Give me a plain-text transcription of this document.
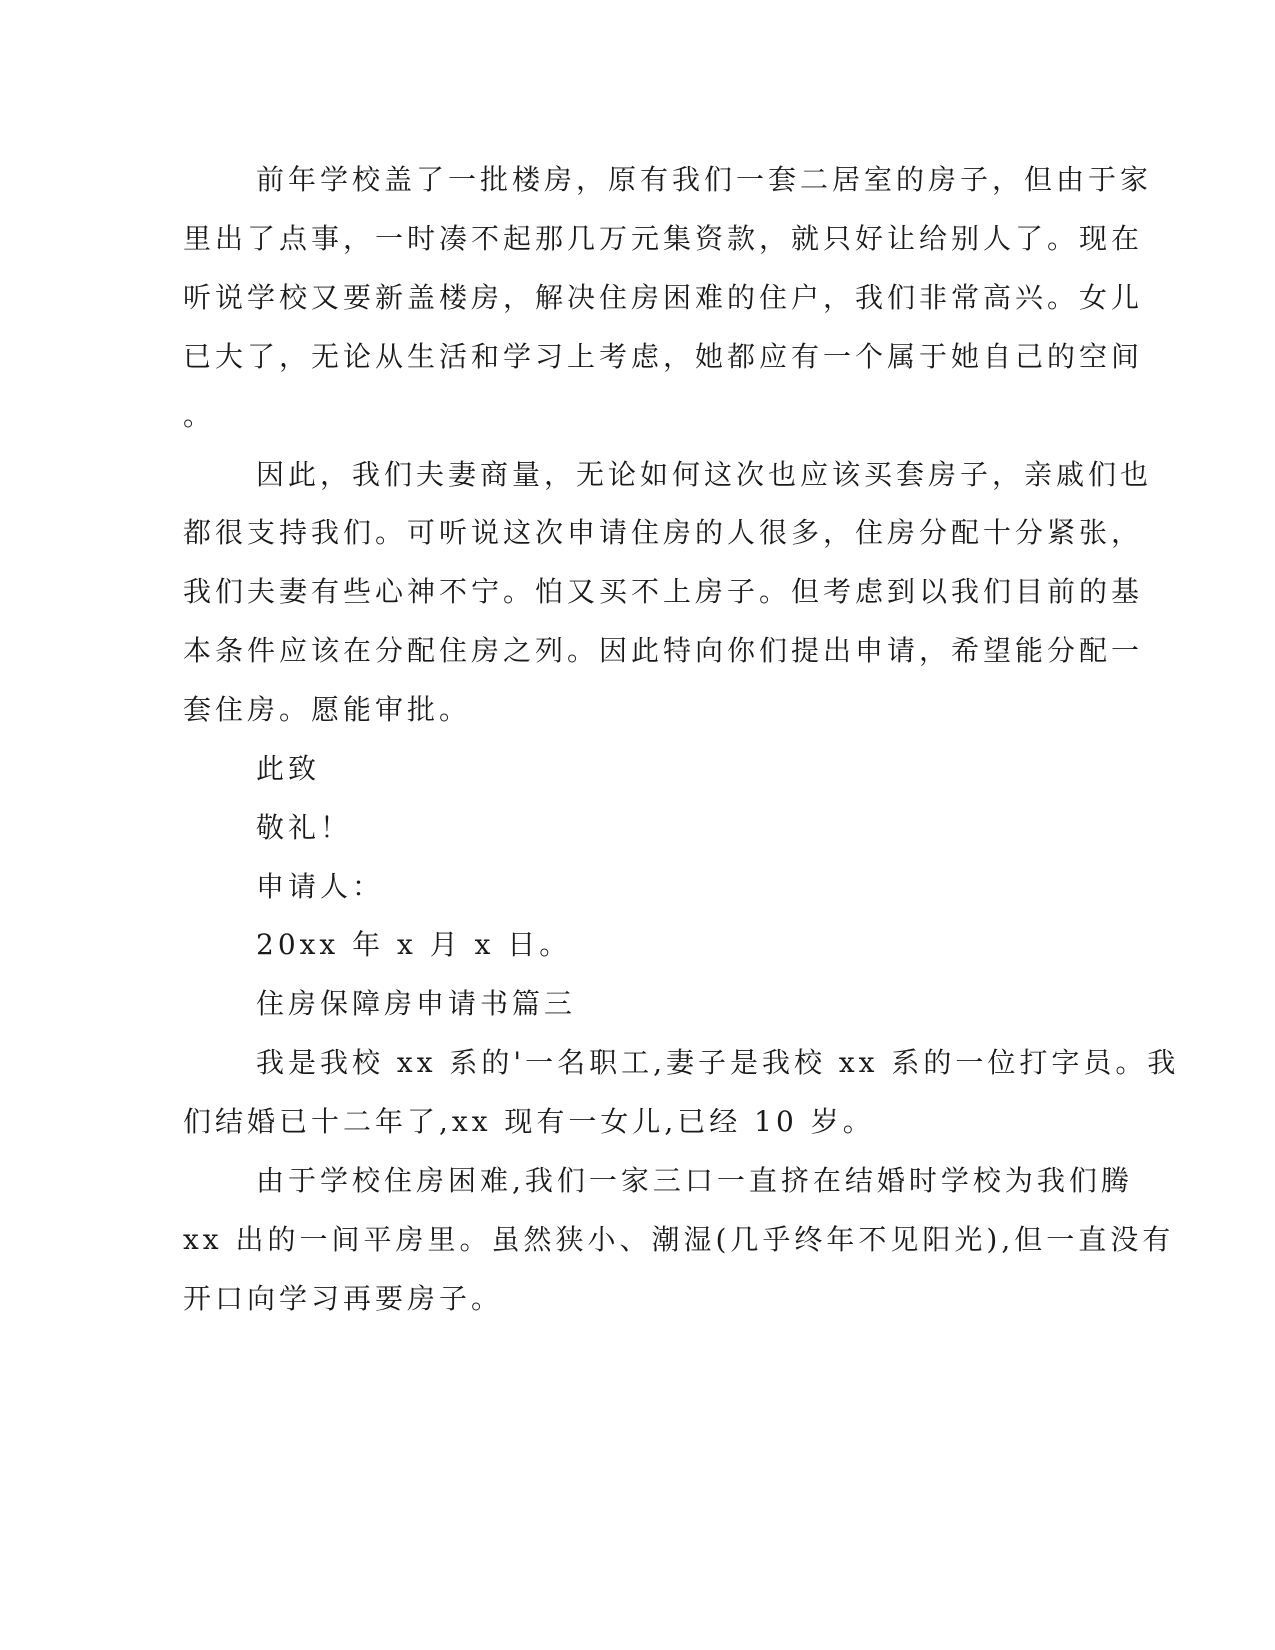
前年学校盖了一批楼房，原有我们一套二居室的房子，但由于家
里出了点事，一时凑不起那几万元集资款，就只好让给别人了。现在
听说学校又要新盖楼房，解决住房困难的住户，我们非常高兴。女儿
已大了，无论从生活和学习上考虑，她都应有一个属于她自己的空间
。
因此，我们夫妻商量，无论如何这次也应该买套房子，亲戚们也
都很支持我们。可听说这次申请住房的人很多，住房分配十分紧张，
我们夫妻有些心神不宁。怕又买不上房子。但考虑到以我们目前的基
本条件应该在分配住房之列。因此特向你们提出申请，希望能分配一
套住房。愿能审批。
此致
敬礼！
申请人：
20xx 年 x 月 x 日。
住房保障房申请书篇三
我是我校 xx 系的'一名职工,妻子是我校 xx 系的一位打字员。我
们结婚已十二年了,xx 现有一女儿,已经 10 岁。
由于学校住房困难,我们一家三口一直挤在结婚时学校为我们腾
xx 出的一间平房里。虽然狭小、潮湿(几乎终年不见阳光),但一直没有
开口向学习再要房子。
